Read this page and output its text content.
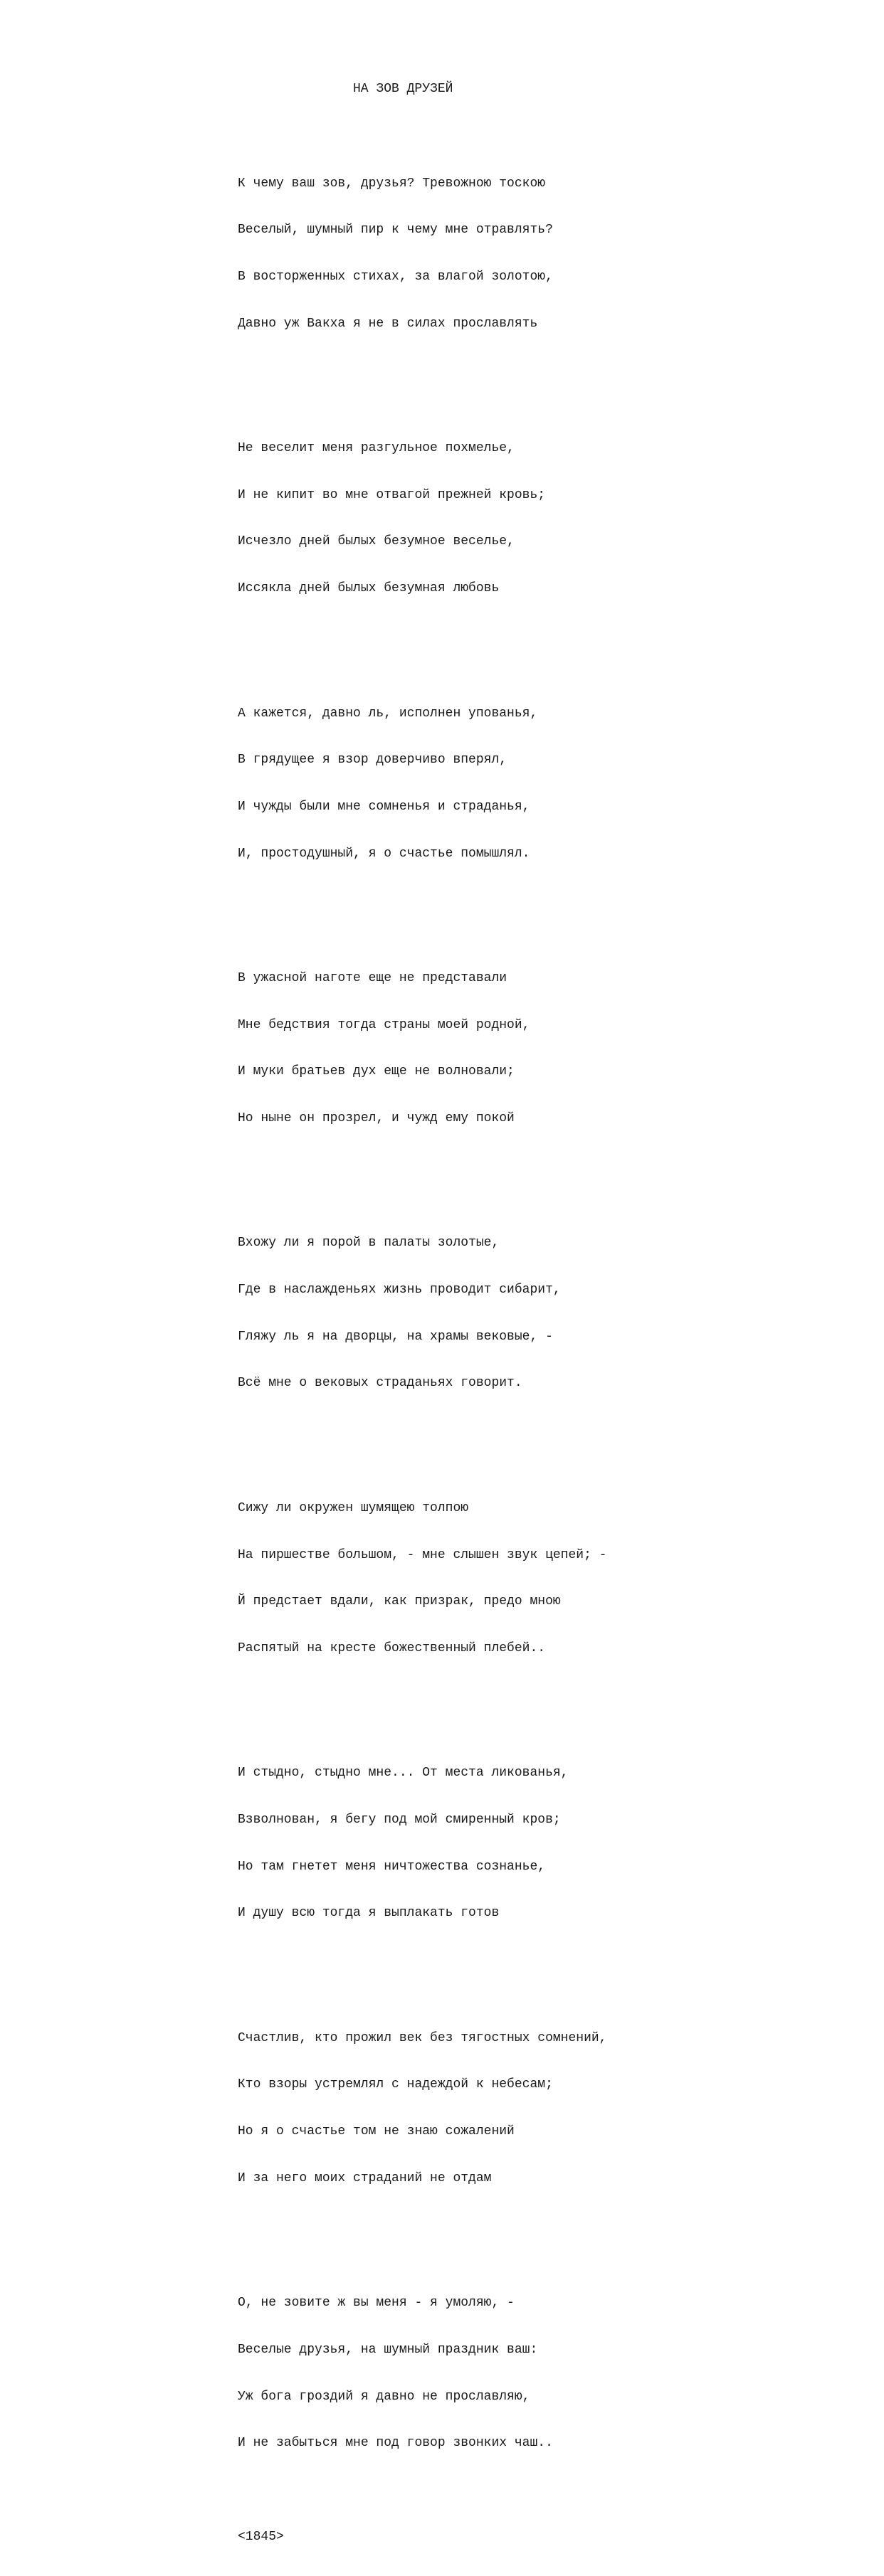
НА ЗОВ ДРУЗЕЙ

К чему ваш зов, друзья? Тревожною тоскою

Веселый, шумный пир к чему мне отравлять?

В восторженных стихах, за влагой золотою,

Давно уж Вакха я не в силах прославлять

Не веселит меня разгульное похмелье,

И не кипит во мне отвагой прежней кровь;

Исчезло дней былых безумное веселье,

Иссякла дней былых безумная любовь

А кажется, давно ль, исполнен упованья,

В грядущее я взор доверчиво вперял,

И чужды были мне сомненья и страданья,

И, простодушный, я о счастье помышлял.

В ужасной наготе еще не представали

Мне бедствия тогда страны моей родной,

И муки братьев дух еще не волновали;

Но ныне он прозрел, и чужд ему покой

Вхожу ли я порой в палаты золотые,

Где в наслажденьях жизнь проводит сибарит,

Гляжу ль я на дворцы, на храмы вековые, -

Всё мне о вековых страданьях говорит.

Сижу ли окружен шумящею толпою

На пиршестве большом, - мне слышен звук цепей; -

Й предстает вдали, как призрак, предо мною

Распятый на кресте божественный плебей..

И стыдно, стыдно мне... От места ликованья,

Взволнован, я бегу под мой смиренный кров;

Но там гнетет меня ничтожества сознанье,

И душу всю тогда я выплакать готов

Счастлив, кто прожил век без тягостных сомнений,

Кто взоры устремлял с надеждой к небесам;

Но я о счастье том не знаю сожалений

И за него моих страданий не отдам

О, не зовите ж вы меня - я умоляю, -

Веселые друзья, на шумный праздник ваш:

Уж бога гроздий я давно не прославляю,

И не забыться мне под говор звонких чаш..

<1845>
